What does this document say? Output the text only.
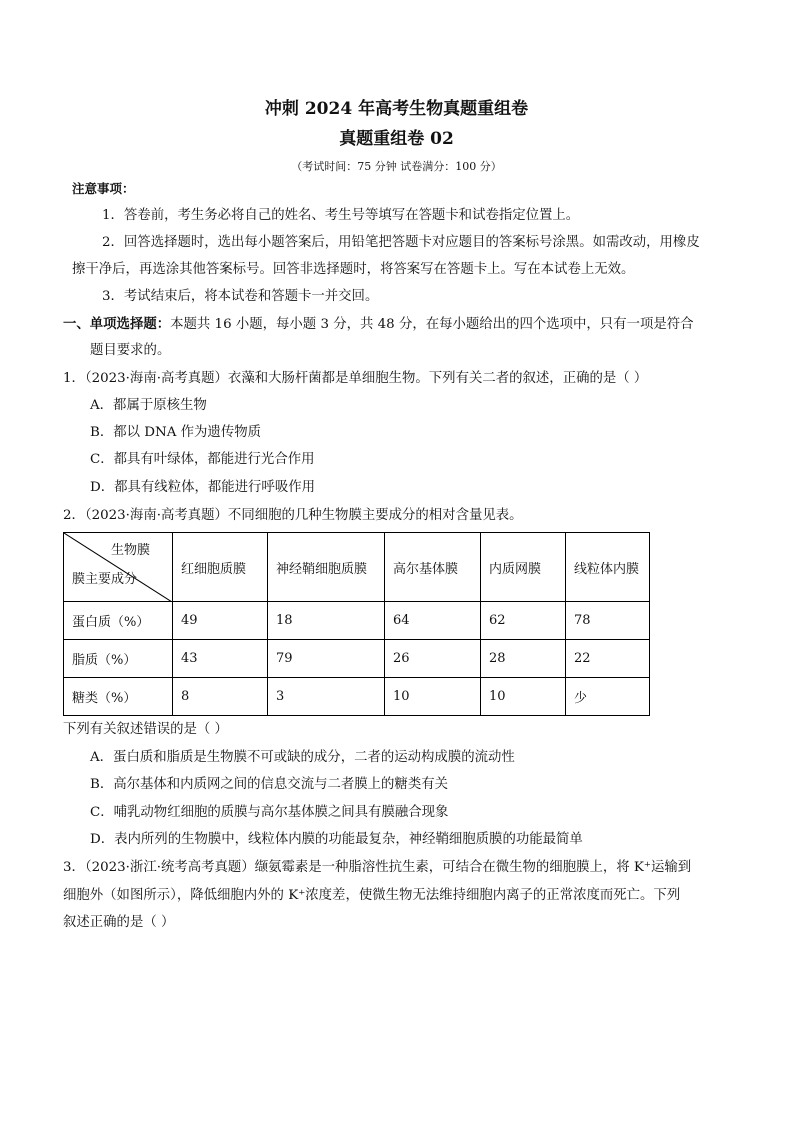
冲刺 2024 年高考生物真题重组卷
真题重组卷 02
（考试时间：75 分钟 试卷满分：100 分）
注意事项：
1．答卷前，考生务必将自己的姓名、考生号等填写在答题卡和试卷指定位置上。
2．回答选择题时，选出每小题答案后，用铅笔把答题卡对应题目的答案标号涂黑。如需改动，用橡皮
擦干净后，再选涂其他答案标号。回答非选择题时，将答案写在答题卡上。写在本试卷上无效。
3．考试结束后，将本试卷和答题卡一并交回。
一、单项选择题：本题共 16 小题，每小题 3 分，共 48 分，在每小题给出的四个选项中，只有一项是符合
题目要求的。
1．（2023·海南·高考真题）衣藻和大肠杆菌都是单细胞生物。下列有关二者的叙述，正确的是（ ）
A．都属于原核生物
B．都以 DNA 作为遗传物质
C．都具有叶绿体，都能进行光合作用
D．都具有线粒体，都能进行呼吸作用
2．（2023·海南·高考真题）不同细胞的几种生物膜主要成分的相对含量见表。
生物膜
膜主要成分	红细胞质膜	神经鞘细胞质膜	高尔基体膜	内质网膜	线粒体内膜
蛋白质（%）	49	18	64	62	78
脂质（%）	43	79	26	28	22
糖类（%）	8	3	10	10	少
下列有关叙述错误的是（ ）
A．蛋白质和脂质是生物膜不可或缺的成分，二者的运动构成膜的流动性
B．高尔基体和内质网之间的信息交流与二者膜上的糖类有关
C．哺乳动物红细胞的质膜与高尔基体膜之间具有膜融合现象
D．表内所列的生物膜中，线粒体内膜的功能最复杂，神经鞘细胞质膜的功能最简单
3．（2023·浙江·统考高考真题）缬氨霉素是一种脂溶性抗生素，可结合在微生物的细胞膜上，将 K⁺运输到
细胞外（如图所示），降低细胞内外的 K⁺浓度差，使微生物无法维持细胞内离子的正常浓度而死亡。下列
叙述正确的是（ ）
